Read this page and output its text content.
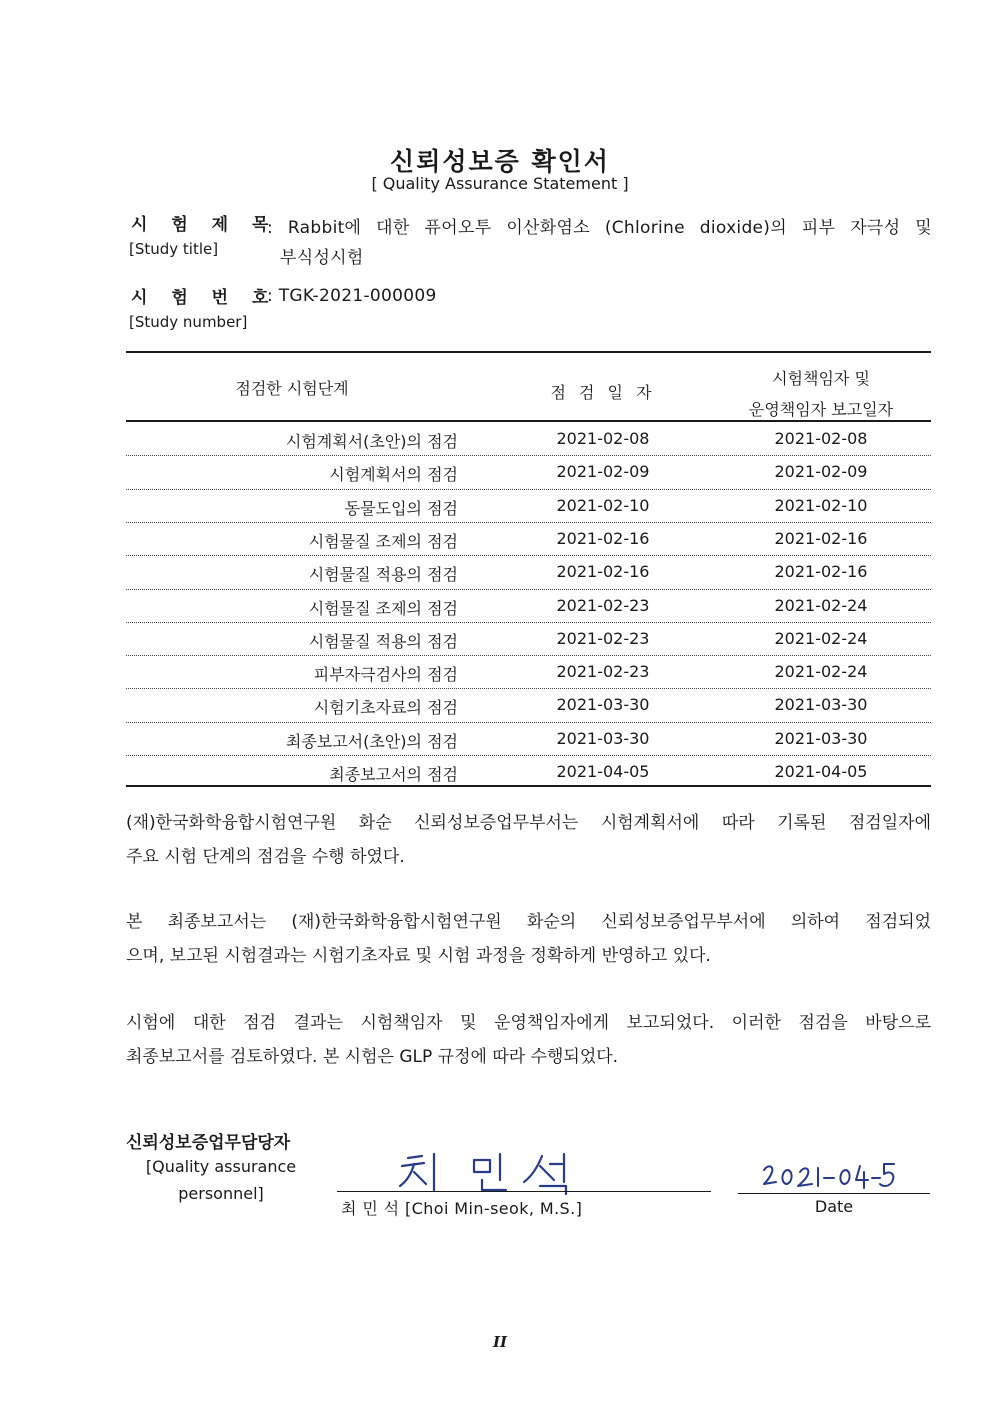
신뢰성보증 확인서
[ Quality Assurance Statement ]
시 험 제 목
[Study title]
: Rabbit에 대한 퓨어오투 이산화염소 (Chlorine dioxide)의 피부 자극성 및
부식성시험
시 험 번 호
[Study number]
: TGK-2021-000009
점검한 시험단계	점 검 일 자
시험책임자 및
운영책임자 보고일자
시험계획서(초안)의 점검	2021-02-08	2021-02-08
시험계획서의 점검	2021-02-09	2021-02-09
동물도입의 점검	2021-02-10	2021-02-10
시험물질 조제의 점검	2021-02-16	2021-02-16
시험물질 적용의 점검	2021-02-16	2021-02-16
시험물질 조제의 점검	2021-02-23	2021-02-24
시험물질 적용의 점검	2021-02-23	2021-02-24
피부자극검사의 점검	2021-02-23	2021-02-24
시험기초자료의 점검	2021-03-30	2021-03-30
최종보고서(초안)의 점검	2021-03-30	2021-03-30
최종보고서의 점검	2021-04-05	2021-04-05
(재)한국화학융합시험연구원 화순 신뢰성보증업무부서는 시험계획서에 따라 기록된 점검일자에
주요 시험 단계의 점검을 수행 하였다.
본 최종보고서는 (재)한국화학융합시험연구원 화순의 신뢰성보증업무부서에 의하여 점검되었
으며, 보고된 시험결과는 시험기초자료 및 시험 과정을 정확하게 반영하고 있다.
시험에 대한 점검 결과는 시험책임자 및 운영책임자에게 보고되었다. 이러한 점검을 바탕으로
최종보고서를 검토하였다. 본 시험은 GLP 규정에 따라 수행되었다.
신뢰성보증업무담당자
[Quality assurance
personnel]
최 민 석 [Choi Min-seok, M.S.]	Date
II
